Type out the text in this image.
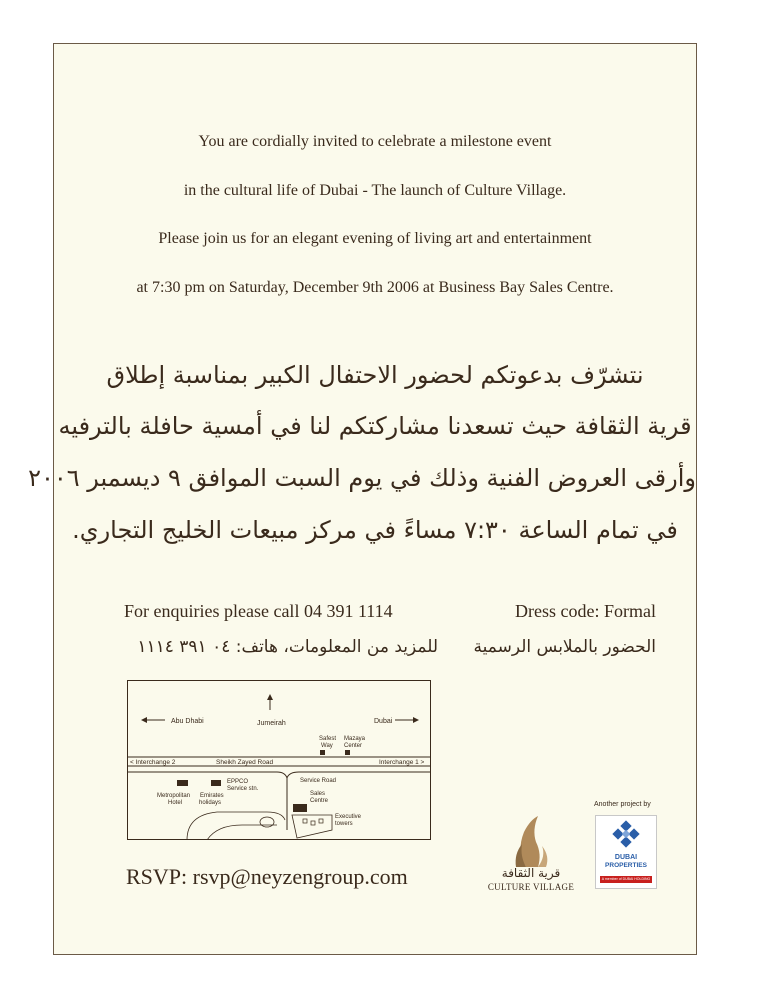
You are cordially invited to celebrate a milestone event
in the cultural life of Dubai - The launch of Culture Village.
Please join us for an elegant evening of living art and entertainment
at 7:30 pm on Saturday, December 9th 2006 at Business Bay Sales Centre.
نتشرّف بدعوتكم لحضور الاحتفال الكبير بمناسبة إطلاق
قرية الثقافة حيث تسعدنا مشاركتكم لنا في أمسية حافلة بالترفيه
وأرقى العروض الفنية وذلك في يوم السبت الموافق ٩ ديسمبر ٢٠٠٦
في تمام الساعة ٧:٣٠ مساءً في مركز مبيعات الخليج التجاري.
For enquiries please call 04 391 1114	Dress code: Formal
للمزيد من المعلومات، هاتف: ٠٤ ٣٩١ ١١١٤ الحضور بالملابس الرسمية
Abu Dhabi	Jumeirah	Dubai
Safest
Way
Mazaya
Center
< Interchange 2	Sheikh Zayed Road	Interchange 1 >
Service Road
EPPCO
Service stn.
Metropolitan
Hotel
Emirates
holidays
Sales
Centre
Executive
towers
RSVP: rsvp@neyzengroup.com	قرية الثقافة
CULTURE VILLAGE
Another project by
DUBAI
PROPERTIES
A member of DUBAI HOLDING
